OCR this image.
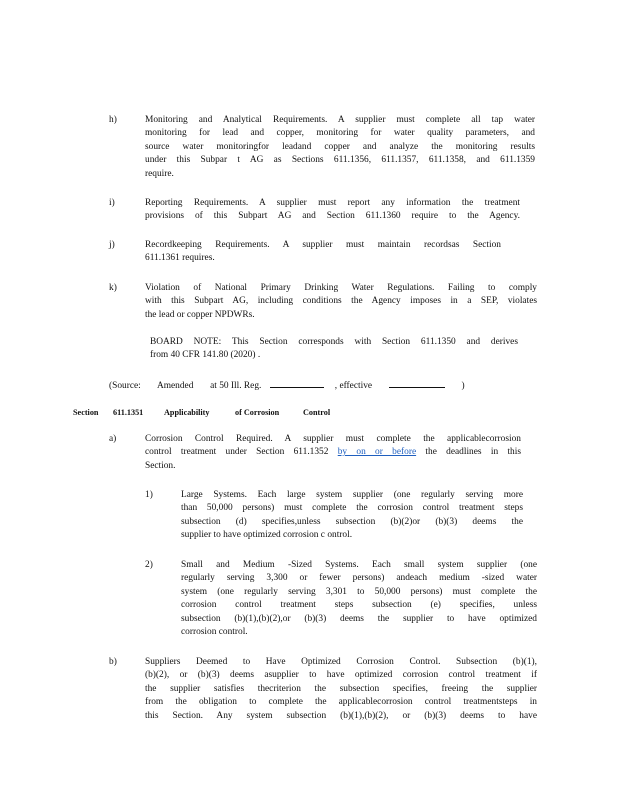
h)	Monitoring and Analytical Requirements. A supplier must complete all tap water
monitoring for lead and copper, monitoring for water quality parameters, and
source water monitoringfor leadand copper and analyze the monitoring results
under this Subpar t AG as Sections 611.1356, 611.1357, 611.1358, and 611.1359
require.
i)	Reporting Requirements. A supplier must report any information the treatment
provisions of this Subpart AG and Section 611.1360 require to the Agency.
j)	Recordkeeping Requirements. A supplier must maintain recordsas Section
611.1361 requires.
k)	Violation of National Primary Drinking Water Regulations. Failing to comply
with this Subpart AG, including conditions the Agency imposes in a SEP, violates
the lead or copper NPDWRs.
BOARD NOTE: This Section corresponds with Section 611.1350 and derives
from 40 CFR 141.80 (2020) .
(Source: Amended at 50 Ill. Reg.	, effective	)
Section 611.1351	Applicability	of Corrosion	Control
a)	Corrosion Control Required. A supplier must complete the applicablecorrosion
control treatment under Section 611.1352 by on or before the deadlines in this
Section.
1)	Large Systems. Each large system supplier (one regularly serving more
than 50,000 persons) must complete the corrosion control treatment steps
subsection (d) specifies,unless subsection (b)(2)or (b)(3) deems the
supplier to have optimized corrosion c ontrol.
2)	Small and Medium -Sized Systems. Each small system supplier (one
regularly serving 3,300 or fewer persons) andeach medium -sized water
system (one regularly serving 3,301 to 50,000 persons) must complete the
corrosion control treatment steps subsection (e) specifies, unless
subsection (b)(1),(b)(2),or (b)(3) deems the supplier to have optimized
corrosion control.
b)	Suppliers Deemed to Have Optimized Corrosion Control. Subsection (b)(1),
(b)(2), or (b)(3) deems asupplier to have optimized corrosion control treatment if
the supplier satisfies thecriterion the subsection specifies, freeing the supplier
from the obligation to complete the applicablecorrosion control treatmentsteps in
this Section. Any system subsection (b)(1),(b)(2), or (b)(3) deems to have
